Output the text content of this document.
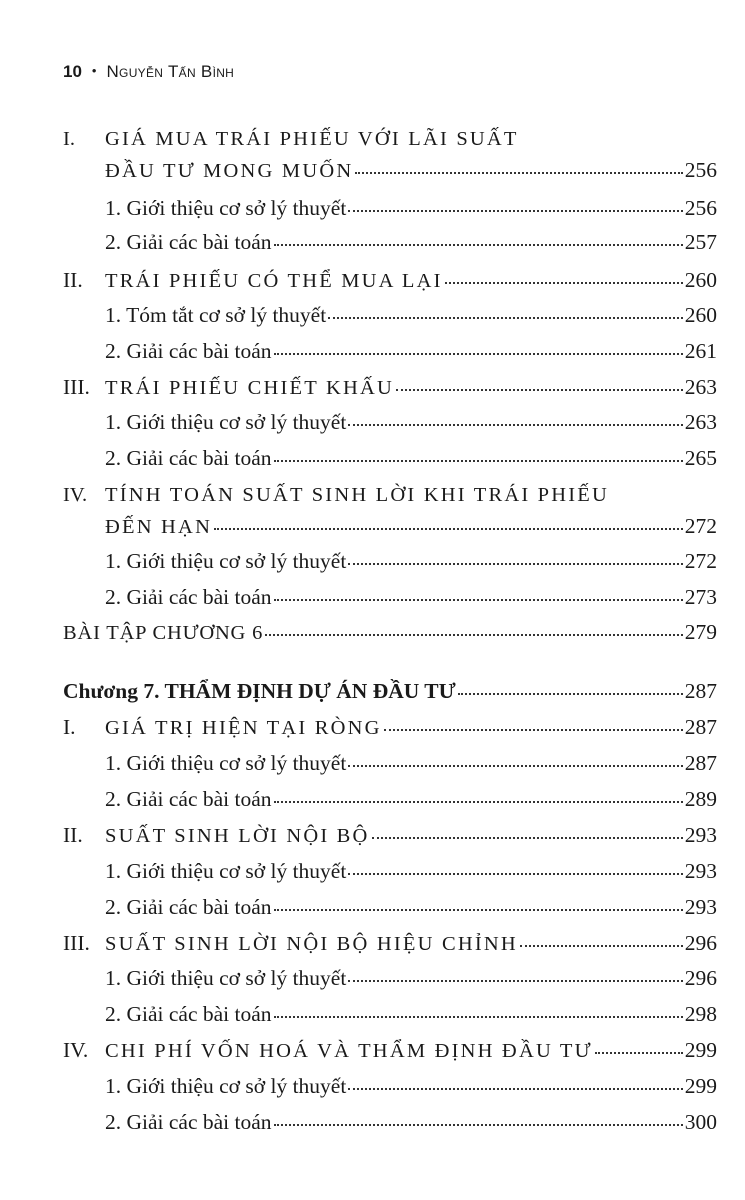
10 • Nguyễn Tấn Bình
I. GIÁ MUA TRÁI PHIẾU VỚI LÃI SUẤT
ĐẦU TƯ MONG MUỐN	256
1. Giới thiệu cơ sở lý thuyết	256
2. Giải các bài toán	257
II.	TRÁI PHIẾU CÓ THỂ MUA LẠI	260
1. Tóm tắt cơ sở lý thuyết	260
2. Giải các bài toán	261
III. TRÁI PHIẾU CHIẾT KHẤU	263
1. Giới thiệu cơ sở lý thuyết	263
2. Giải các bài toán	265
IV. TÍNH TOÁN SUẤT SINH LỜI KHI TRÁI PHIẾU
ĐẾN HẠN	272
1. Giới thiệu cơ sở lý thuyết	272
2. Giải các bài toán	273
BÀI TẬP CHƯƠNG 6	279
Chương 7. THẨM ĐỊNH DỰ ÁN ĐẦU TƯ	287
I.	GIÁ TRỊ HIỆN TẠI RÒNG	287
1. Giới thiệu cơ sở lý thuyết	287
2. Giải các bài toán	289
II.	SUẤT SINH LỜI NỘI BỘ	293
1. Giới thiệu cơ sở lý thuyết	293
2. Giải các bài toán	293
III. SUẤT SINH LỜI NỘI BỘ HIỆU CHỈNH	296
1. Giới thiệu cơ sở lý thuyết	296
2. Giải các bài toán	298
IV. CHI PHÍ VỐN HOÁ VÀ THẨM ĐỊNH ĐẦU TƯ	299
1. Giới thiệu cơ sở lý thuyết	299
2. Giải các bài toán	300
